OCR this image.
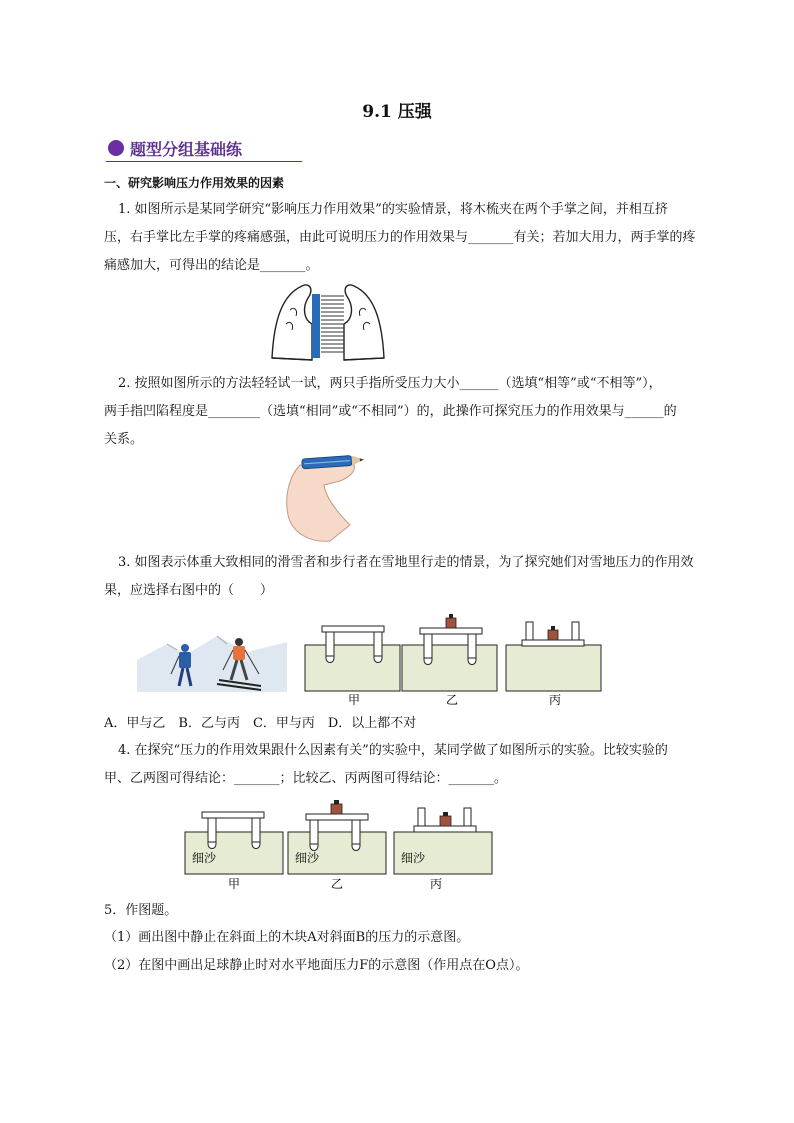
9.1 压强
题型分组基础练
一、研究影响压力作用效果的因素
1. 如图所示是某同学研究“影响压力作用效果”的实验情景，将木梳夹在两个手掌之间，并相互挤
压，右手掌比左手掌的疼痛感强，由此可说明压力的作用效果与_______有关；若加大用力，两手掌的疼
痛感加大，可得出的结论是_______。
2. 按照如图所示的方法轻轻试一试，两只手指所受压力大小______（选填“相等”或“不相等”），
两手指凹陷程度是________（选填“相同”或“不相同”）的，此操作可探究压力的作用效果与______的
关系。
3. 如图表示体重大致相同的滑雪者和步行者在雪地里行走的情景，为了探究她们对雪地压力的作用效
果，应选择右图中的（　　）
甲	乙	丙
A．甲与乙　B．乙与丙　C．甲与丙　D．以上都不对
4. 在探究“压力的作用效果跟什么因素有关”的实验中，某同学做了如图所示的实验。比较实验的
甲、乙两图可得结论：_______；比较乙、丙两图可得结论：_______。
细沙	细沙	细沙
甲	乙	丙
5．作图题。
（1）画出图中静止在斜面上的木块A对斜面B的压力的示意图。
（2）在图中画出足球静止时对水平地面压力F的示意图（作用点在O点）。
